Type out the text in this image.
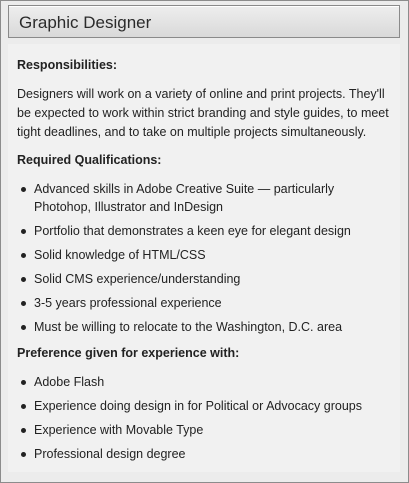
Graphic Designer
Responsibilities:
Designers will work on a variety of online and print projects. They'll be expected to work within strict branding and style guides, to meet tight deadlines, and to take on multiple projects simultaneously.
Required Qualifications:
Advanced skills in Adobe Creative Suite — particularly Photohop, Illustrator and InDesign
Portfolio that demonstrates a keen eye for elegant design
Solid knowledge of HTML/CSS
Solid CMS experience/understanding
3-5 years professional experience
Must be willing to relocate to the Washington, D.C. area
Preference given for experience with:
Adobe Flash
Experience doing design in for Political or Advocacy groups
Experience with Movable Type
Professional design degree
